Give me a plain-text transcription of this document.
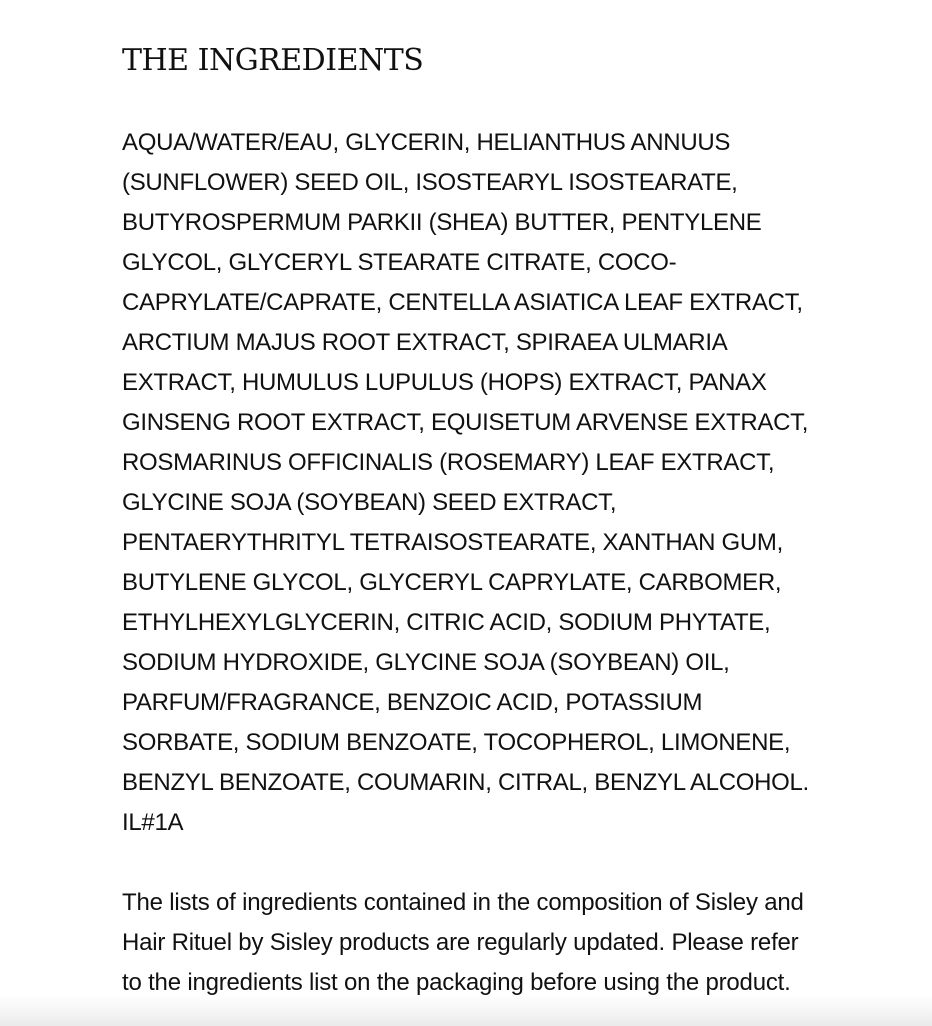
THE INGREDIENTS

AQUA/WATER/EAU, GLYCERIN, HELIANTHUS ANNUUS
(SUNFLOWER) SEED OIL, ISOSTEARYL ISOSTEARATE,
BUTYROSPERMUM PARKII (SHEA) BUTTER, PENTYLENE
GLYCOL, GLYCERYL STEARATE CITRATE, COCO-
CAPRYLATE/CAPRATE, CENTELLA ASIATICA LEAF EXTRACT,
ARCTIUM MAJUS ROOT EXTRACT, SPIRAEA ULMARIA
EXTRACT, HUMULUS LUPULUS (HOPS) EXTRACT, PANAX
GINSENG ROOT EXTRACT, EQUISETUM ARVENSE EXTRACT,
ROSMARINUS OFFICINALIS (ROSEMARY) LEAF EXTRACT,
GLYCINE SOJA (SOYBEAN) SEED EXTRACT,
PENTAERYTHRITYL TETRAISOSTEARATE, XANTHAN GUM,
BUTYLENE GLYCOL, GLYCERYL CAPRYLATE, CARBOMER,
ETHYLHEXYLGLYCERIN, CITRIC ACID, SODIUM PHYTATE,
SODIUM HYDROXIDE, GLYCINE SOJA (SOYBEAN) OIL,
PARFUM/FRAGRANCE, BENZOIC ACID, POTASSIUM
SORBATE, SODIUM BENZOATE, TOCOPHEROL, LIMONENE,
BENZYL BENZOATE, COUMARIN, CITRAL, BENZYL ALCOHOL.
IL#1A

The lists of ingredients contained in the composition of Sisley and
Hair Rituel by Sisley products are regularly updated. Please refer
to the ingredients list on the packaging before using the product.
